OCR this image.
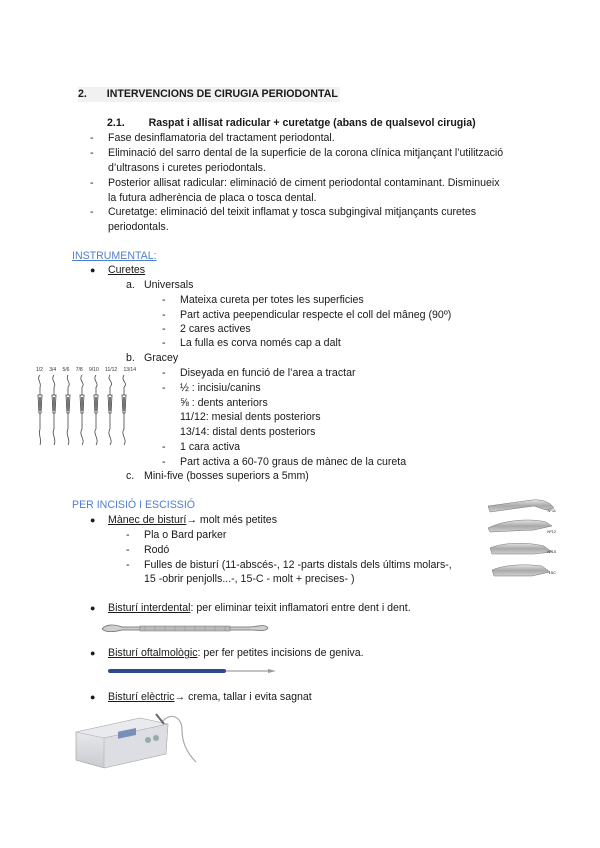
2. INTERVENCIONS DE CIRUGIA PERIODONTAL
2.1. Raspat i allisat radicular + curetatge (abans de qualsevol cirugia)
- Fase desinflamatoria del tractament periodontal.
- Eliminació del sarro dental de la superficie de la corona clínica mitjançant l’utilització
d’ultrasons i curetes periodontals.
- Posterior allisat radicular: eliminació de ciment periodontal contaminant. Disminueix
la futura adherència de placa o tosca dental.
- Curetatge: eliminació del teixit inflamat y tosca subgingival mitjançants curetes
periodontals.
INSTRUMENTAL:
● Curetes
a. Universals
- Mateixa cureta per totes les superficies
- Part activa peependicular respecte el coll del mâneg (90º)
- 2 cares actives
- La fulla es corva només cap a dalt
b. Gracey
1/2 3/4 5/6 7/8 9/10 11/12 13/14 - Diseyada en funció de l’area a tractar
- ½ : incisiu/canins
⅝ : dents anteriors
11/12: mesial dents posteriors
13/14: distal dents posteriors
- 1 cara activa
- Part activa a 60-70 graus de mànec de la cureta
c. Mini-five (bosses superiors a 5mm)
PER INCISIÓ I ESCISSIÓ
● Mànec de bisturí→ molt més petites
- Pla o Bard parker
- Rodó
- Fulles de bisturí (11-abscés-, 12 -parts distals dels últims molars-,
15 -obrir penjolls...-, 15-C - molt + precises- )
Nº11
Nº12
Nº15
15C
● Bisturí interdental: per eliminar teixit inflamatori entre dent i dent.
● Bisturí oftalmològic: per fer petites incisions de geniva.
● Bisturí elèctric→ crema, tallar i evita sagnat
